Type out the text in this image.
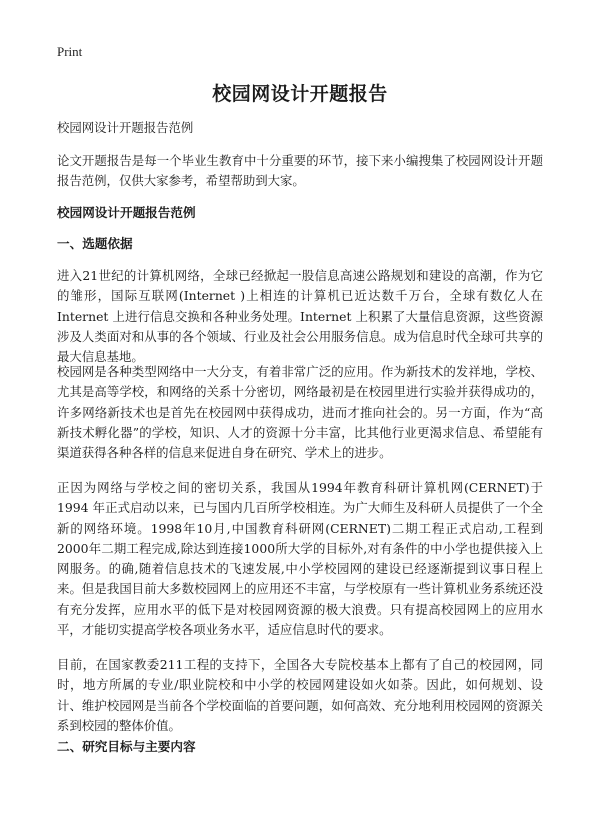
Print
校园网设计开题报告

校园网设计开题报告范例

论文开题报告是每一个毕业生教育中十分重要的环节，接下来小编搜集了校园网设计开题报告范例，仅供大家参考，希望帮助到大家。

校园网设计开题报告范例

一、选题依据

进入21世纪的计算机网络，全球已经掀起一股信息高速公路规划和建设的高潮，作为它的雏形，国际互联网(Internet )上相连的计算机已近达数千万台，全球有数亿人在Internet 上进行信息交换和各种业务处理。Internet 上积累了大量信息资源，这些资源涉及人类面对和从事的各个领域、行业及社会公用服务信息。成为信息时代全球可共享的最大信息基地。

校园网是各种类型网络中一大分支，有着非常广泛的应用。作为新技术的发祥地，学校、尤其是高等学校，和网络的关系十分密切，网络最初是在校园里进行实验并获得成功的，许多网络新技术也是首先在校园网中获得成功，进而才推向社会的。另一方面，作为“高新技术孵化器”的学校，知识、人才的资源十分丰富，比其他行业更渴求信息、希望能有渠道获得各种各样的信息来促进自身在研究、学术上的进步。

正因为网络与学校之间的密切关系，我国从1994年教育科研计算机网(CERNET)于1994 年正式启动以来，已与国内几百所学校相连。为广大师生及科研人员提供了一个全新的网络环境。1998年10月,中国教育科研网(CERNET)二期工程正式启动,工程到2000年二期工程完成,除达到连接1000所大学的目标外,对有条件的中小学也提供接入上网服务。的确,随着信息技术的飞速发展,中小学校园网的建设已经逐渐提到议事日程上来。但是我国目前大多数校园网上的应用还不丰富，与学校原有一些计算机业务系统还没有充分发挥，应用水平的低下是对校园网资源的极大浪费。只有提高校园网上的应用水平，才能切实提高学校各项业务水平，适应信息时代的要求。

目前，在国家教委211工程的支持下，全国各大专院校基本上都有了自己的校园网，同时，地方所属的专业/职业院校和中小学的校园网建设如火如荼。因此，如何规划、设计、维护校园网是当前各个学校面临的首要问题，如何高效、充分地利用校园网的资源关系到校园的整体价值。

二、研究目标与主要内容
